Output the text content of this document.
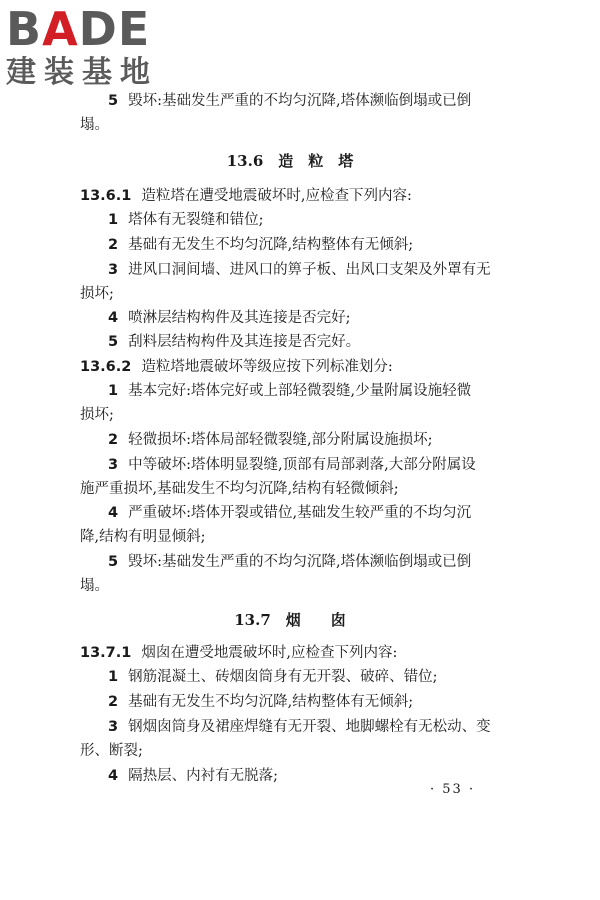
BADE
建装基地
5 毁坏:基础发生严重的不均匀沉降,塔体濒临倒塌或已倒
塌。
13.6　造　粒　塔
13.6.1 造粒塔在遭受地震破坏时,应检查下列内容:
1 塔体有无裂缝和错位;
2 基础有无发生不均匀沉降,结构整体有无倾斜;
3 进风口洞间墙、进风口的箅子板、出风口支架及外罩有无
损坏;
4 喷淋层结构构件及其连接是否完好;
5 刮料层结构构件及其连接是否完好。
13.6.2 造粒塔地震破坏等级应按下列标准划分:
1 基本完好:塔体完好或上部轻微裂缝,少量附属设施轻微
损坏;
2 轻微损坏:塔体局部轻微裂缝,部分附属设施损坏;
3 中等破坏:塔体明显裂缝,顶部有局部剥落,大部分附属设
施严重损坏,基础发生不均匀沉降,结构有轻微倾斜;
4 严重破坏:塔体开裂或错位,基础发生较严重的不均匀沉
降,结构有明显倾斜;
5 毁坏:基础发生严重的不均匀沉降,塔体濒临倒塌或已倒
塌。
13.7　烟　　囱
13.7.1 烟囱在遭受地震破坏时,应检查下列内容:
1 钢筋混凝土、砖烟囱筒身有无开裂、破碎、错位;
2 基础有无发生不均匀沉降,结构整体有无倾斜;
3 钢烟囱筒身及裙座焊缝有无开裂、地脚螺栓有无松动、变
形、断裂;
4 隔热层、内衬有无脱落;
· 53 ·
